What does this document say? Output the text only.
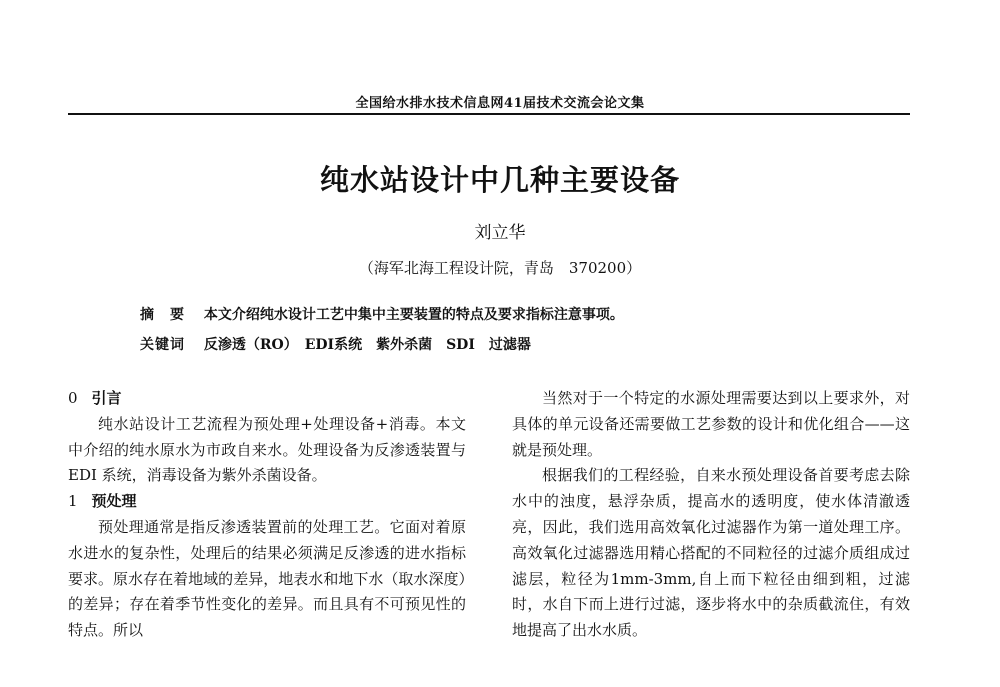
全国给水排水技术信息网41届技术交流会论文集
纯水站设计中几种主要设备
刘立华
（海军北海工程设计院，青岛　370200）
摘　要 本文介绍纯水设计工艺中集中主要装置的特点及要求指标注意事项。
关键词 反渗透（RO）　EDI系统　紫外杀菌　SDI　过滤器

0 引言

纯水站设计工艺流程为预处理+处理设备+消毒。本文中介绍的纯水原水为市政自来水。处理设备为反渗透装置与 EDI 系统，消毒设备为紫外杀菌设备。

1 预处理

预处理通常是指反渗透装置前的处理工艺。它面对着原水进水的复杂性，处理后的结果必须满足反渗透的进水指标要求。原水存在着地域的差异，地表水和地下水（取水深度）的差异；存在着季节性变化的差异。而且具有不可预见性的特点。所以

当然对于一个特定的水源处理需要达到以上要求外，对具体的单元设备还需要做工艺参数的设计和优化组合——这就是预处理。

根据我们的工程经验，自来水预处理设备首要考虑去除水中的浊度，悬浮杂质，提高水的透明度，使水体清澈透亮，因此，我们选用高效氧化过滤器作为第一道处理工序。高效氧化过滤器选用精心搭配的不同粒径的过滤介质组成过滤层，粒径为1mm-3mm,自上而下粒径由细到粗，过滤时，水自下而上进行过滤，逐步将水中的杂质截流住，有效地提高了出水水质。
